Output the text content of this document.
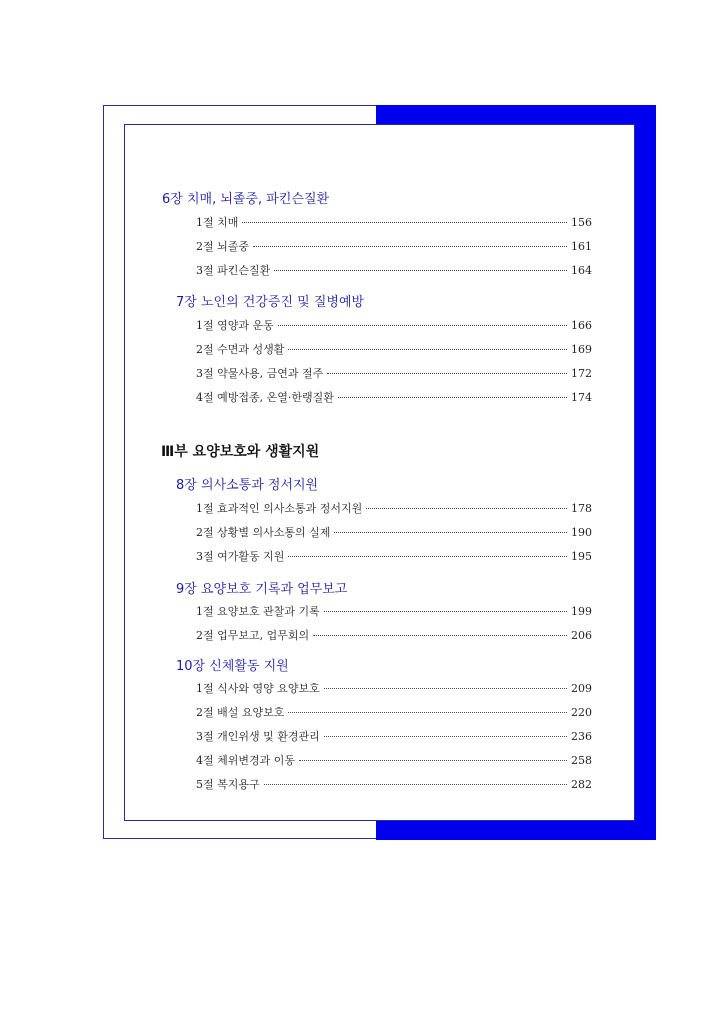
6장 치매, 뇌졸중, 파킨슨질환
1절 치매	156
2절 뇌졸중	161
3절 파킨슨질환	164
7장 노인의 건강증진 및 질병예방
1절 영양과 운동	166
2절 수면과 성생활	169
3절 약물사용, 금연과 절주	172
4절 예방접종, 온열·한랭질환	174
Ⅲ부 요양보호와 생활지원
8장 의사소통과 정서지원
1절 효과적인 의사소통과 정서지원	178
2절 상황별 의사소통의 실제	190
3절 여가활동 지원	195
9장 요양보호 기록과 업무보고
1절 요양보호 관찰과 기록	199
2절 업무보고, 업무회의	206
10장 신체활동 지원
1절 식사와 영양 요양보호	209
2절 배설 요양보호	220
3절 개인위생 및 환경관리	236
4절 체위변경과 이동	258
5절 복지용구	282
